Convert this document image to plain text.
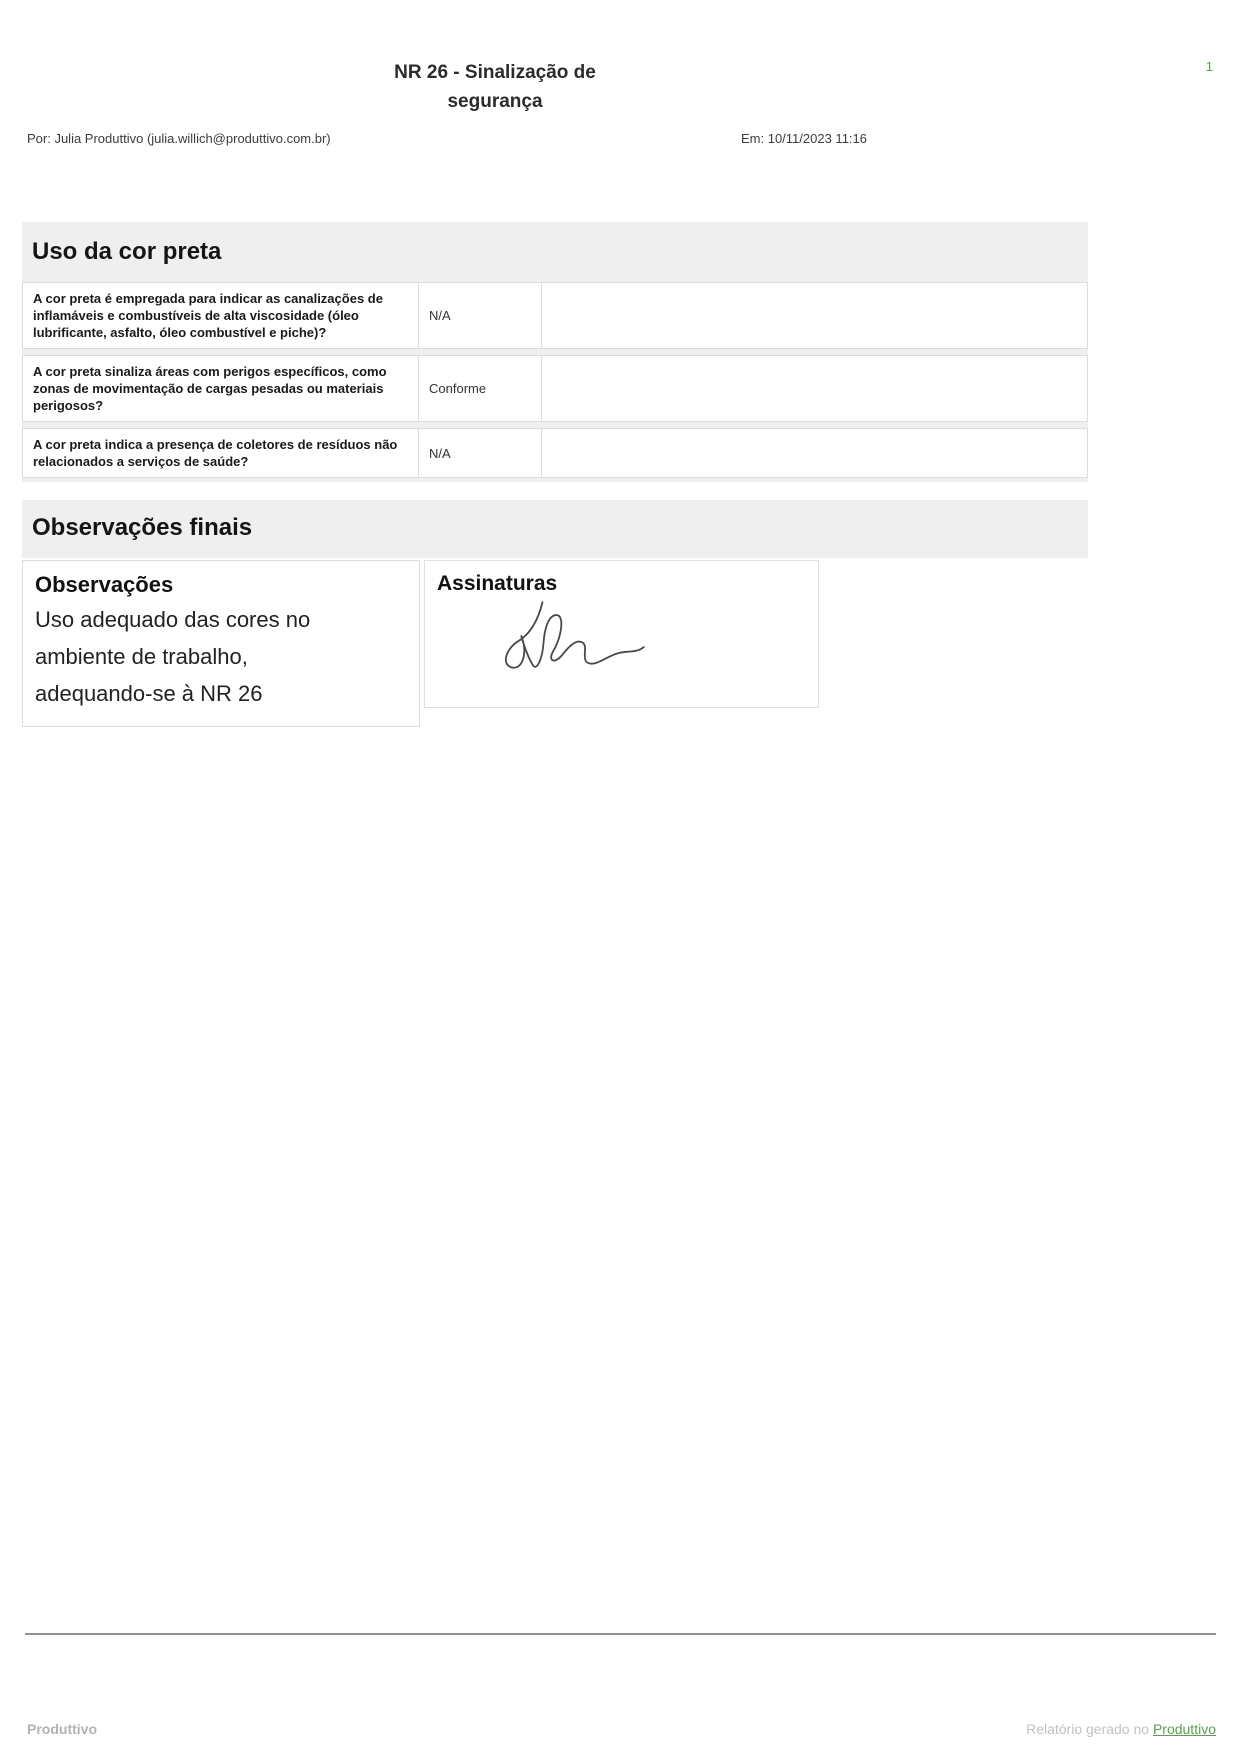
NR 26 - Sinalização de
segurança
1
Por: Julia Produttivo (julia.willich@produttivo.com.br)	Em: 10/11/2023 11:16
Uso da cor preta
A cor preta é empregada para indicar as canalizações de inflamáveis e combustíveis de alta viscosidade (óleo lubrificante, asfalto, óleo combustível e piche)?
N/A
A cor preta sinaliza áreas com perigos específicos, como zonas de movimentação de cargas pesadas ou materiais perigosos?
Conforme
A cor preta indica a presença de coletores de resíduos não relacionados a serviços de saúde?
N/A
Observações finais
Observações
Uso adequado das cores no ambiente de trabalho, adequando-se à NR 26
Assinaturas
Produttivo	Relatório gerado no Produttivo
